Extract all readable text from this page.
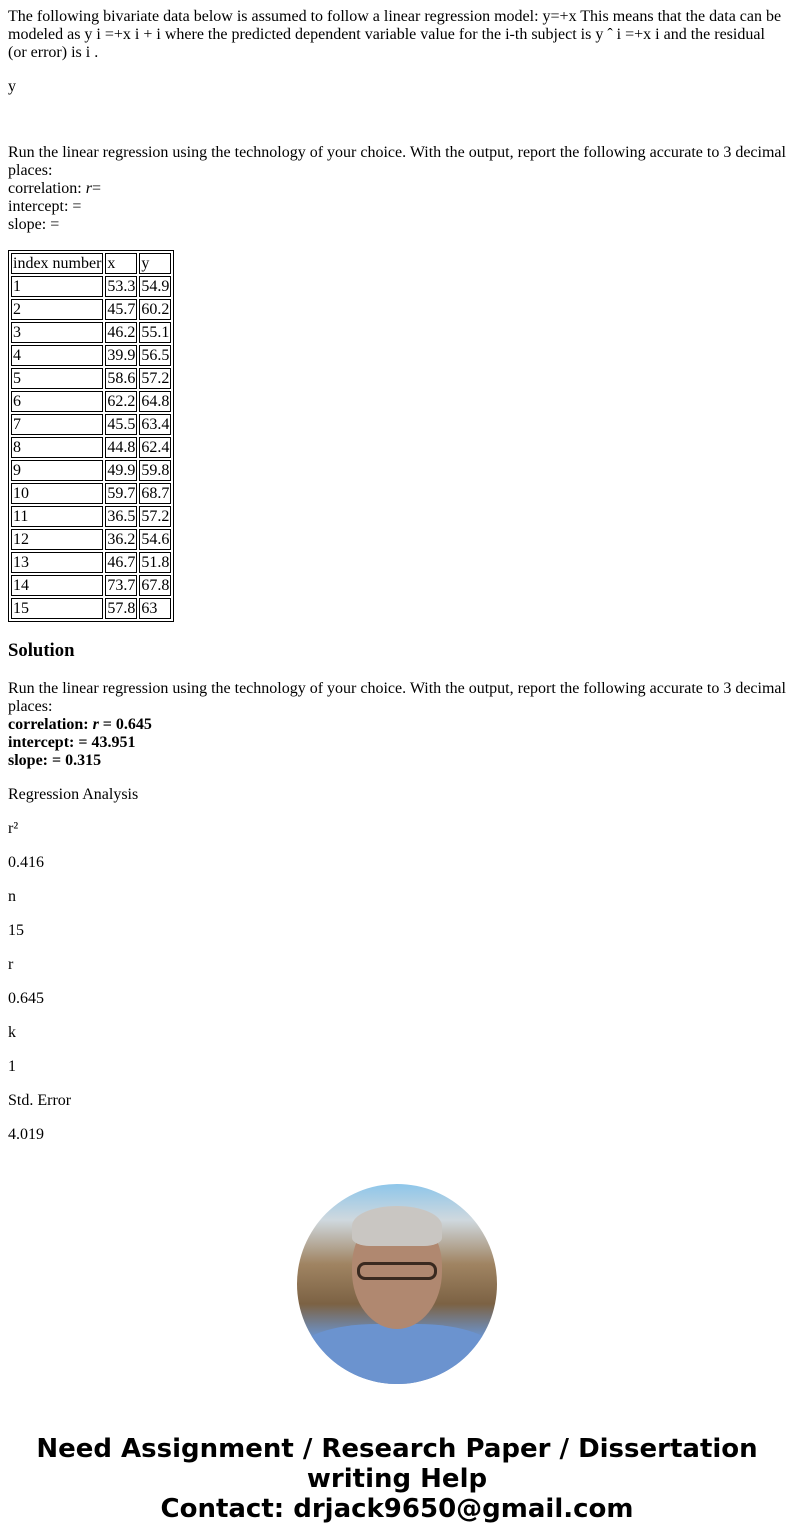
The following bivariate data below is assumed to follow a linear regression model: y=+x This means that the data can be modeled as y i =+x i + i where the predicted dependent variable value for the i-th subject is y ˆ i =+x i and the residual (or error) is i .

y

Run the linear regression using the technology of your choice. With the output, report the following accurate to 3 decimal places:
correlation: r=
intercept: =
slope: =

index number	x	y
1	53.3	54.9
2	45.7	60.2
3	46.2	55.1
4	39.9	56.5
5	58.6	57.2
6	62.2	64.8
7	45.5	63.4
8	44.8	62.4
9	49.9	59.8
10	59.7	68.7
11	36.5	57.2
12	36.2	54.6
13	46.7	51.8
14	73.7	67.8
15	57.8	63
Solution

Run the linear regression using the technology of your choice. With the output, report the following accurate to 3 decimal places:
correlation: r = 0.645
intercept: = 43.951
slope: = 0.315

Regression Analysis

r²

0.416

n

15

r

0.645

k

1

Std. Error

4.019

Need Assignment / Research Paper / Dissertation
writing Help
Contact: drjack9650@gmail.com
